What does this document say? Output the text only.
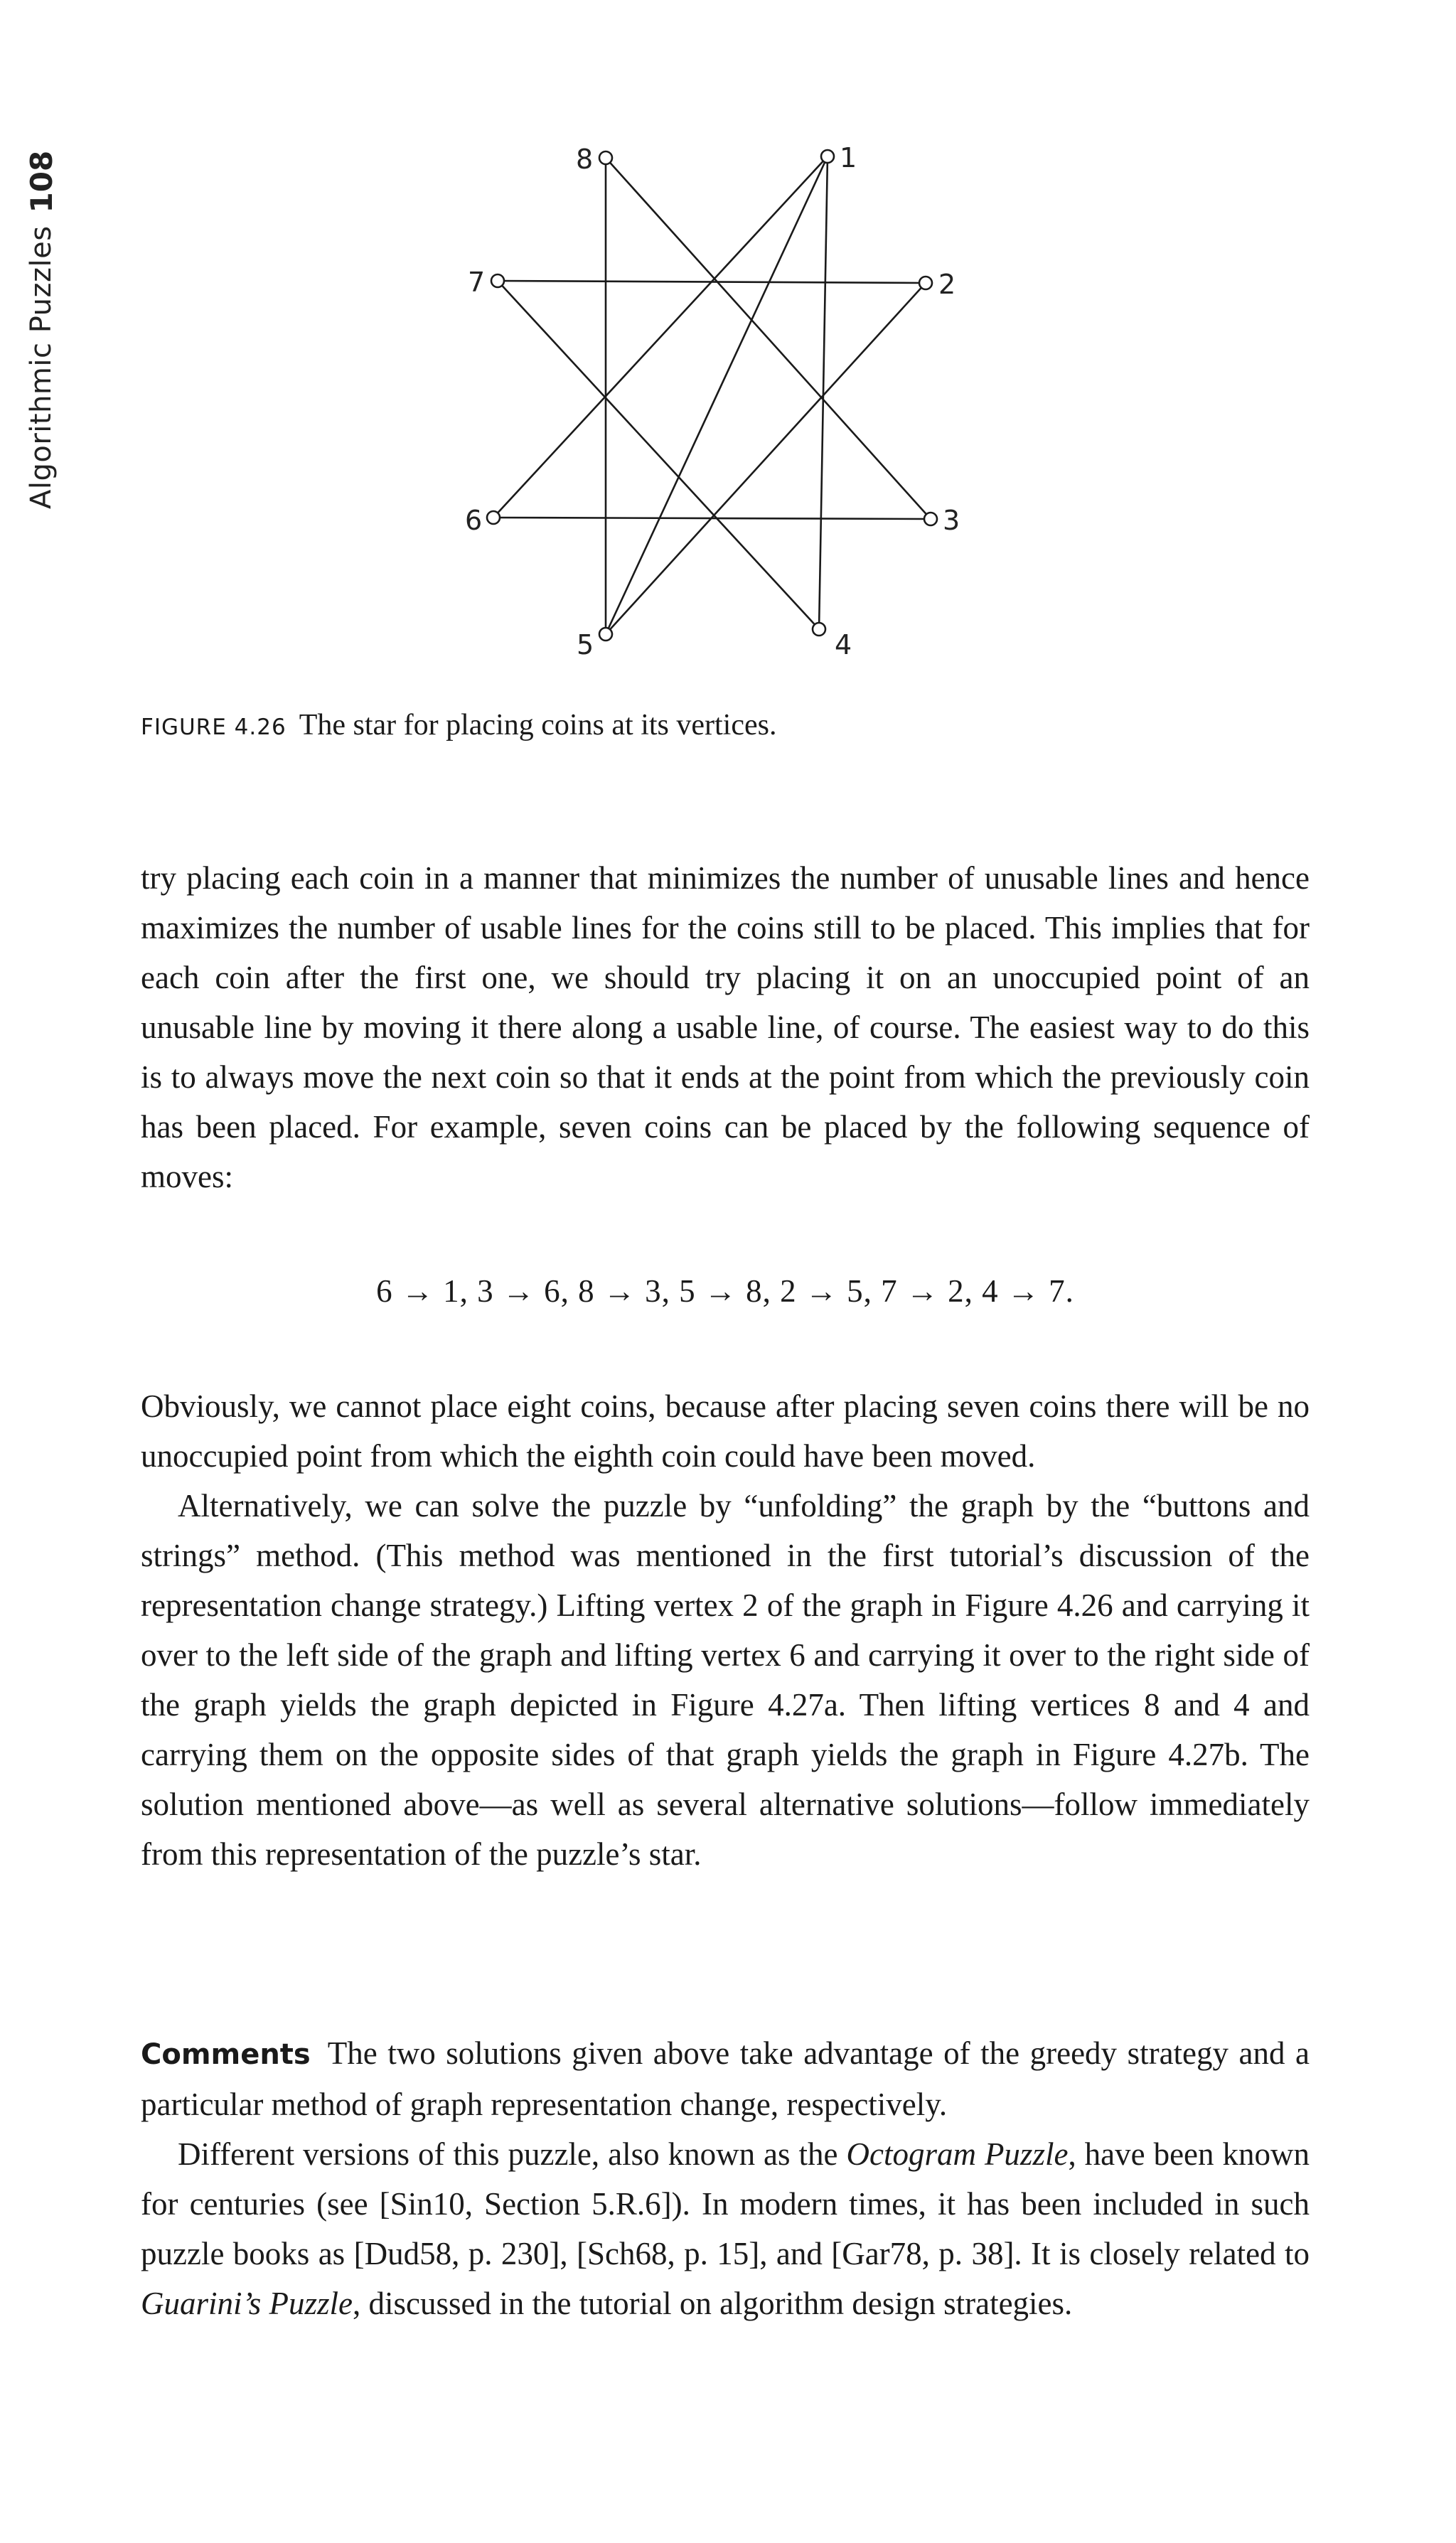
Algorithmic Puzzles
108	1
2
3
4
5
6
7
8
FIGURE 4.26 The star for placing coins at its vertices.

try placing each coin in a manner that minimizes the number of unusable lines and hence maximizes the number of usable lines for the coins still to be placed. This implies that for each coin after the first one, we should try placing it on an unoccupied point of an unusable line by moving it there along a usable line, of course. The easiest way to do this is to always move the next coin so that it ends at the point from which the previously coin has been placed. For example, seven coins can be placed by the following sequence of moves:

6 → 1, 3 → 6, 8 → 3, 5 → 8, 2 → 5, 7 → 2, 4 → 7.

Obviously, we cannot place eight coins, because after placing seven coins there will be no unoccupied point from which the eighth coin could have been moved.

Alternatively, we can solve the puzzle by “unfolding” the graph by the “buttons and strings” method. (This method was mentioned in the first tutorial’s discussion of the representation change strategy.) Lifting vertex 2 of the graph in Figure 4.26 and carrying it over to the left side of the graph and lifting vertex 6 and carrying it over to the right side of the graph yields the graph depicted in Figure 4.27a. Then lifting vertices 8 and 4 and carrying them on the opposite sides of that graph yields the graph in Figure 4.27b. The solution mentioned above—as well as several alternative solutions—follow immediately from this representation of the puzzle’s star.

Comments The two solutions given above take advantage of the greedy strategy and a particular method of graph representation change, respectively.

Different versions of this puzzle, also known as the Octogram Puzzle, have been known for centuries (see [Sin10, Section 5.R.6]). In modern times, it has been included in such puzzle books as [Dud58, p. 230], [Sch68, p. 15], and [Gar78, p. 38]. It is closely related to Guarini’s Puzzle, discussed in the tutorial on algorithm design strategies.
